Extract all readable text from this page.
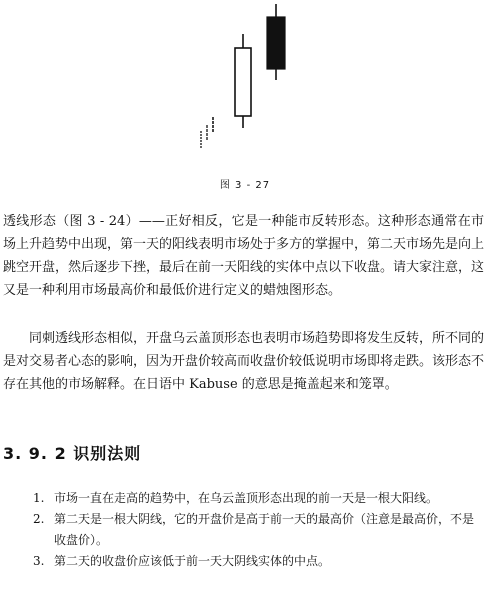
图 3 - 27
透线形态（图 3 - 24）——正好相反，它是一种能市反转形态。这种形态通常在市场上升趋势中出现，第一天的阳线表明市场处于多方的掌握中，第二天市场先是向上跳空开盘，然后逐步下挫，最后在前一天阳线的实体中点以下收盘。请大家注意，这又是一种利用市场最高价和最低价进行定义的蜡烛图形态。
同刺透线形态相似，开盘乌云盖顶形态也表明市场趋势即将发生反转，所不同的是对交易者心态的影响，因为开盘价较高而收盘价较低说明市场即将走跌。该形态不存在其他的市场解释。在日语中 Kabuse 的意思是掩盖起来和笼罩。
3. 9. 2 识别法则
1. 市场一直在走高的趋势中，在乌云盖顶形态出现的前一天是一根大阳线。
2. 第二天是一根大阴线，它的开盘价是高于前一天的最高价（注意是最高价，不是收盘价）。
3. 第二天的收盘价应该低于前一天大阴线实体的中点。
